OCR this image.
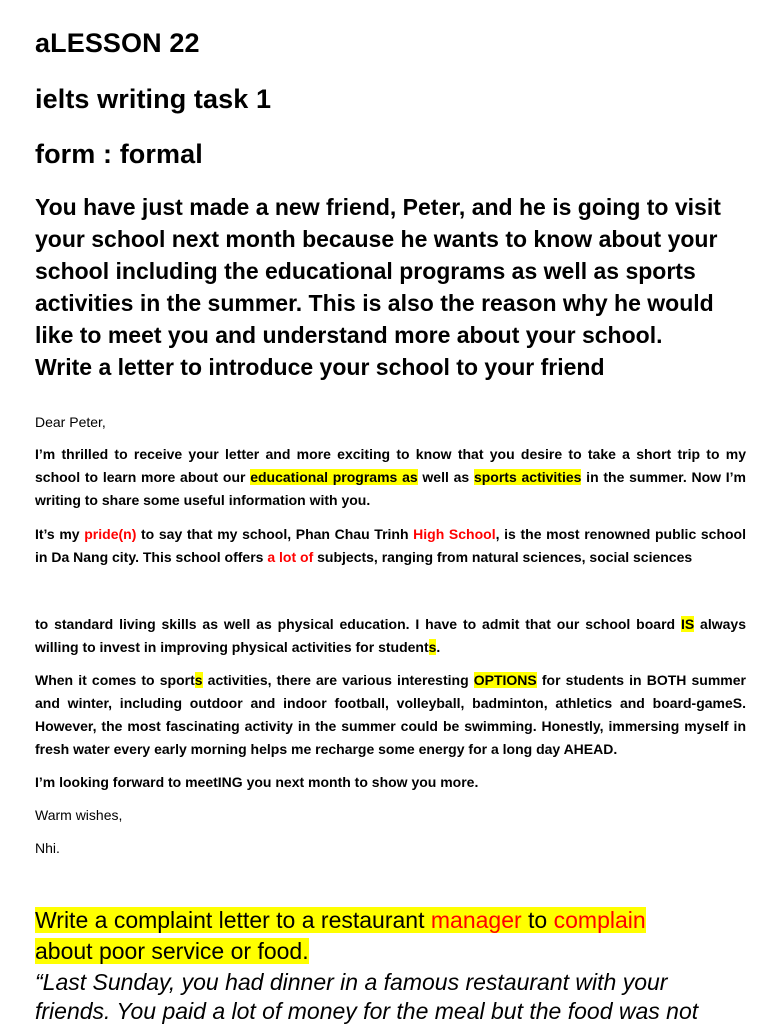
aLESSON 22
ielts writing task 1
form : formal
You have just made a new friend, Peter, and he is going to visit
your school next month because he wants to know about your
school including the educational programs as well as sports
activities in the summer. This is also the reason why he would
like to meet you and understand more about your school.
Write a letter to introduce your school to your friend

Dear Peter,

I’m thrilled to receive your letter and more exciting to know that you desire to take a short trip to my school to learn more about our educational programs as well as sports activities in the summer. Now I’m writing to share some useful information with you.

It’s my pride(n) to say that my school, Phan Chau Trinh High School, is the most renowned public school in Da Nang city. This school offers a lot of subjects, ranging from natural sciences, social sciences

to standard living skills as well as physical education. I have to admit that our school board IS always willing to invest in improving physical activities for students.

When it comes to sports activities, there are various interesting OPTIONS for students in BOTH summer and winter, including outdoor and indoor football, volleyball, badminton, athletics and board-gameS. However, the most fascinating activity in the summer could be swimming. Honestly, immersing myself in fresh water every early morning helps me recharge some energy for a long day AHEAD.

I’m looking forward to meetING you next month to show you more.

Warm wishes,

Nhi.

Write a complaint letter to a restaurant manager to complain
about poor service or food.
“Last Sunday, you had dinner in a famous restaurant with your
friends. You paid a lot of money for the meal but the food was not
